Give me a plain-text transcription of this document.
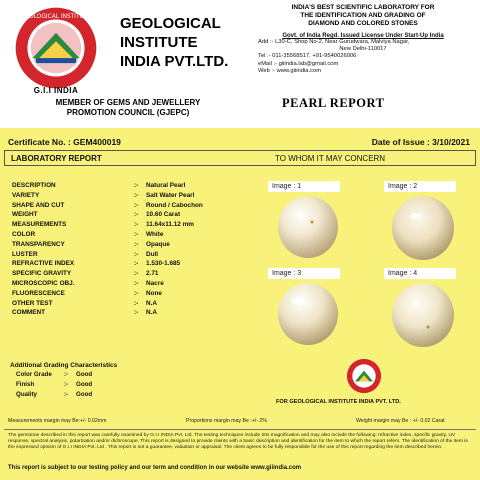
GEOLOGICAL INSTITUTE
G.I.I INDIA
GEOLOGICAL
INSTITUTE
INDIA PVT.LTD.
MEMBER OF GEMS AND JEWELLERY
PROMOTION COUNCIL (GJEPC)
INDIA'S BEST SCIENTIFIC LABORATORY FOR
THE IDENTIFICATION AND GRADING OF
DIAMOND AND COLORED STONES
Govt. of India Regd. Issued License Under Start-Up India
Add :- L30-C, Shop No-2, Near Gurudwara, Malviya Nagar,
New Delhi-110017
Tel :- 011-35568517, +91-9540026006
eMail :- giiindia.lab@gmail.com
Web :- www.giiindia.com
PEARL REPORT
Certificate No. : GEM400019	Date of Issue : 3/10/2021
LABORATORY REPORT	TO WHOM IT MAY CONCERN
DESCRIPTION	:- Natural Pearl
VARIETY	:- Salt Water Pearl
SHAPE AND CUT	:- Round / Cabochon
WEIGHT	:- 10.60 Carat
MEASUREMENTS	:- 11.64x11.12 mm
COLOR	:- White
TRANSPARENCY	:- Opaque
LUSTER	:- Dull
REFRACTIVE INDEX	:- 1.530-1.685
SPECIFIC GRAVITY	:- 2.71
MICROSCOPIC OBJ.	:- Nacre
FLUORESCENCE	:- None
OTHER TEST	:- N.A
COMMENT	:- N.A
Image : 1	Image : 2
Image : 3	Image : 4
Additional Grading Characteristics
Color Grade :- Good
Finish	:- Good
Quality	:- Good
FOR GEOLOGICAL INSTITUTE INDIA PVT. LTD.
Measurements margin may Be:+/- 0.02mm	Proportions margin may Be :+/- 2%	Weight margin may Be : +/- 0.02 Carat
The gemstone described in this report was carefully examined by G.I.I INDIA Pvt. Ltd. The testing techniques include 20x magnification and may also include the following: refractive index, specific gravity, UV response, spectral analysis, polarization and/or dichroscope. This report is designed to provide clients with a basic description and identification for the item to which the report refers. The identification of the item is the expressed opinion of G.I.I INDIA Pvt. Ltd . This report is not a guarantee, valuation or appraisal. The client agrees to be fully responsible for the use of this report regarding the item described herein.
This report is subject to our testing policy and our term and condition in our website www.giiindia.com
